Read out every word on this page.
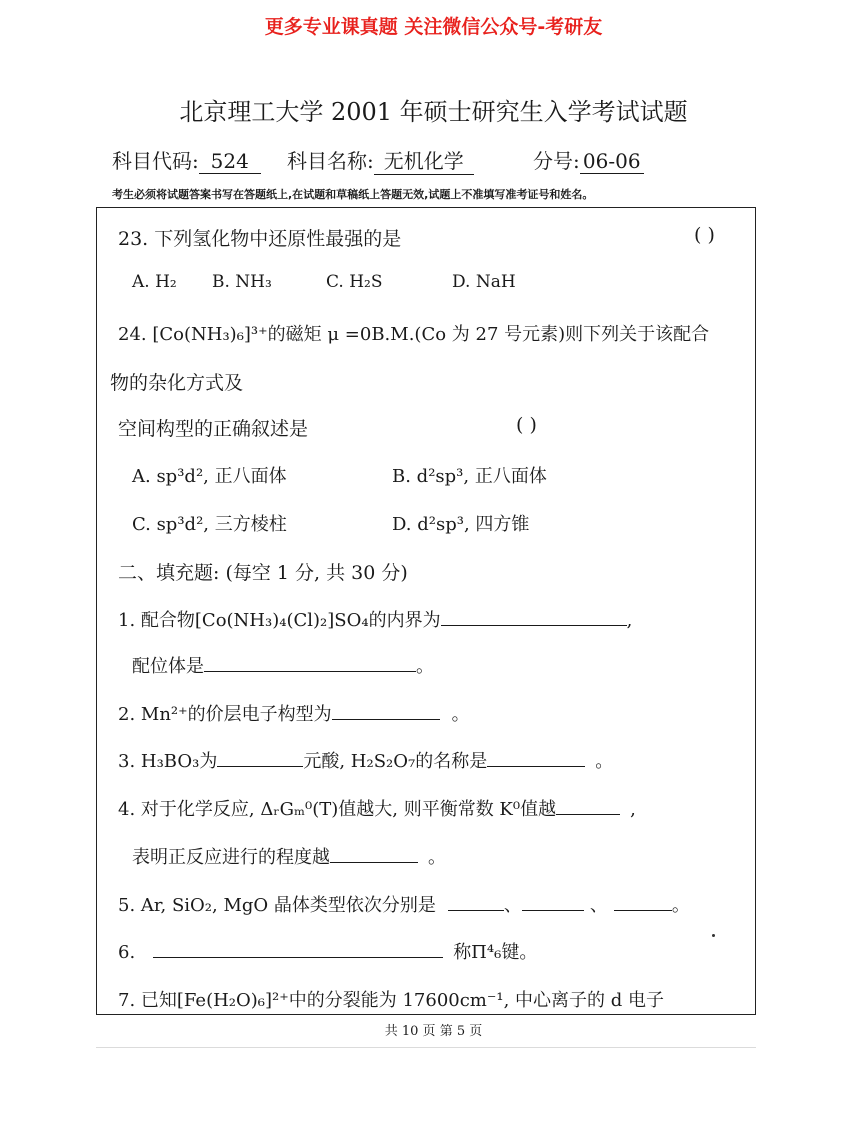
更多专业课真题 关注微信公众号-考研友
北京理工大学 2001 年硕士研究生入学考试试题
科目代码: 524	科目名称: 无机化学	分号: 06-06
考生必须将试题答案书写在答题纸上,在试题和草稿纸上答题无效,试题上不准填写准考证号和姓名。
23. 下列氢化物中还原性最强的是	( )
A. H₂ B. NH₃	C. H₂S	D. NaH
24. [Co(NH₃)₆]³⁺的磁矩 μ =0B.M.(Co 为 27 号元素)则下列关于该配合
物的杂化方式及
空间构型的正确叙述是	( )
A. sp³d², 正八面体	B. d²sp³, 正八面体
C. sp³d², 三方棱柱	D. d²sp³, 四方锥
二、填充题: (每空 1 分, 共 30 分)
1. 配合物[Co(NH₃)₄(Cl)₂]SO₄的内界为	,
配位体是	。
2. Mn²⁺的价层电子构型为	。
3. H₃BO₃为	元酸, H₂S₂O₇的名称是	。
4. 对于化学反应, ΔᵣGₘ⁰(T)值越大, 则平衡常数 K⁰值越	,
表明正反应进行的程度越	。
5. Ar, SiO₂, MgO 晶体类型依次分别是	、	、	。
6.	称Π⁴₆键。
7. 已知[Fe(H₂O)₆]²⁺中的分裂能为 17600cm⁻¹, 中心离子的 d 电子
共 10 页 第 5 页
